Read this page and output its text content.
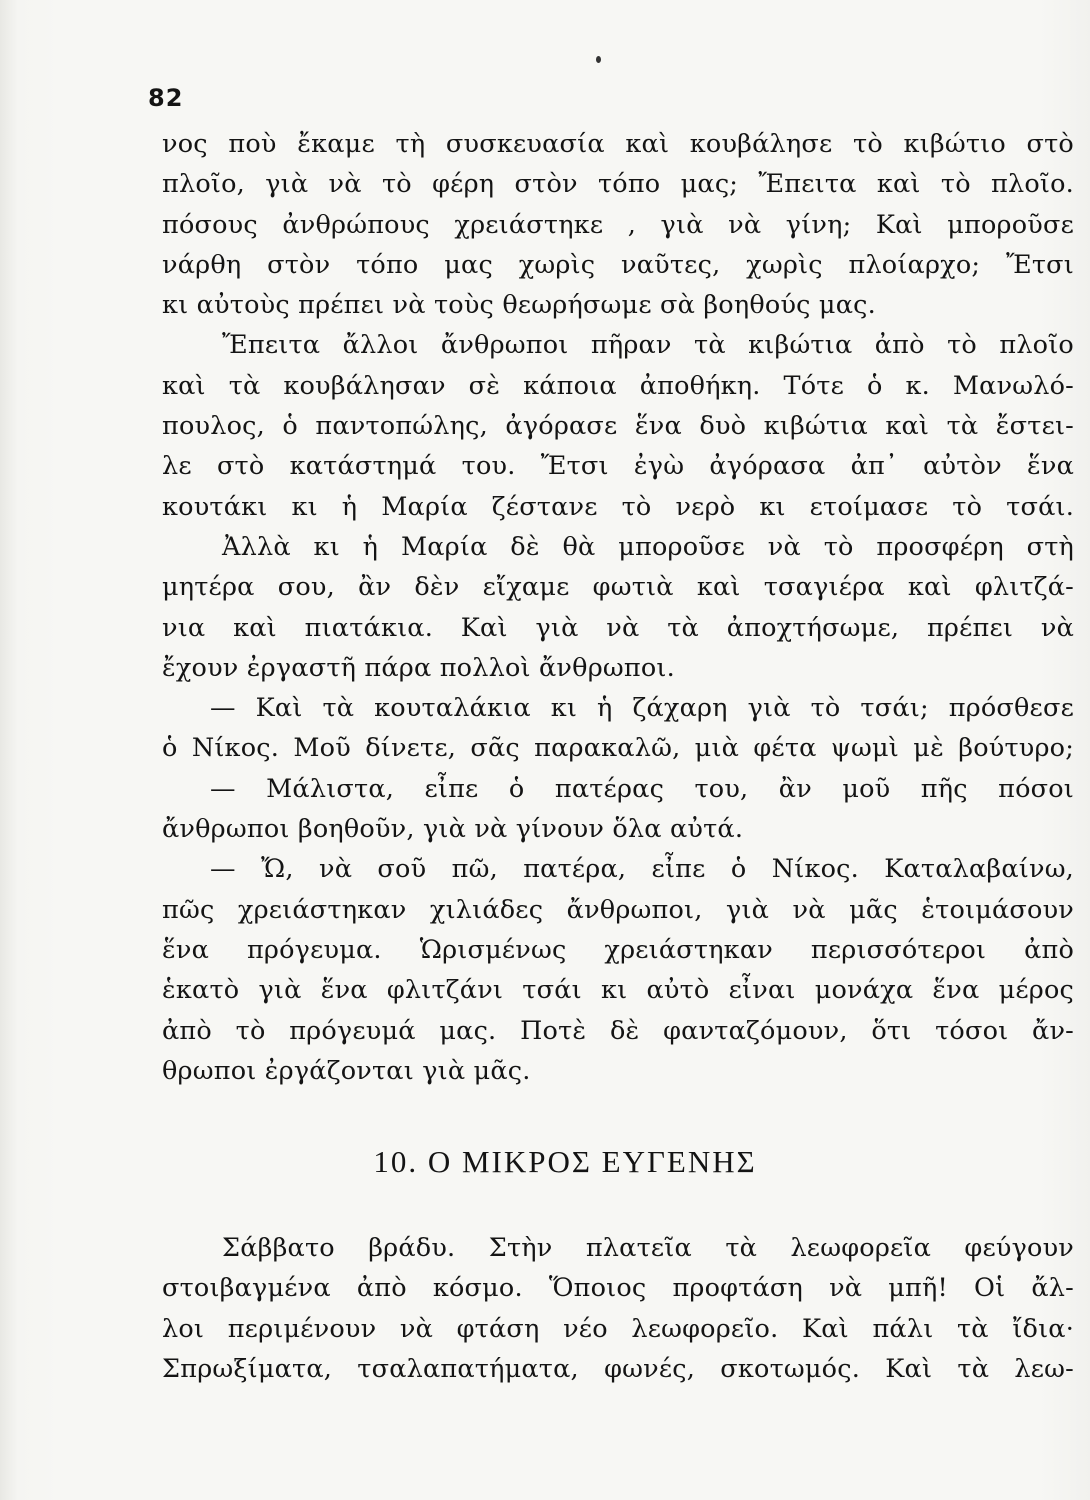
82
νος ποὺ ἔκαμε τὴ συσκευασία καὶ κουβάλησε τὸ κιβώτιο στὸ
πλοῖο, γιὰ νὰ τὸ φέρη στὸν τόπο μας; Ἔπειτα καὶ τὸ πλοῖο.
πόσους ἀνθρώπους χρειάστηκε , γιὰ νὰ γίνη; Καὶ μποροῦσε
νάρθη στὸν τόπο μας χωρὶς ναῦτες, χωρὶς πλοίαρχο; Ἔτσι
κι αὐτοὺς πρέπει νὰ τοὺς θεωρήσωμε σὰ βοηθούς μας.
Ἔπειτα ἄλλοι ἄνθρωποι πῆραν τὰ κιβώτια ἀπὸ τὸ πλοῖο
καὶ τὰ κουβάλησαν σὲ κάποια ἀποθήκη. Τότε ὁ κ. Μανωλό-
πουλος, ὁ παντοπώλης, ἀγόρασε ἕνα δυὸ κιβώτια καὶ τὰ ἔστει-
λε στὸ κατάστημά του. Ἔτσι ἐγὼ ἀγόρασα ἀπ᾽ αὐτὸν ἕνα
κουτάκι κι ἡ Μαρία ζέστανε τὸ νερὸ κι ετοίμασε τὸ τσάι.
Ἀλλὰ κι ἡ Μαρία δὲ θὰ μποροῦσε νὰ τὸ προσφέρη στὴ
μητέρα σου, ἂν δὲν εἴχαμε φωτιὰ καὶ τσαγιέρα καὶ φλιτζά-
νια καὶ πιατάκια. Καὶ γιὰ νὰ τὰ ἀποχτήσωμε, πρέπει νὰ
ἔχουν ἐργαστῆ πάρα πολλοὶ ἄνθρωποι.
— Καὶ τὰ κουταλάκια κι ἡ ζάχαρη γιὰ τὸ τσάι; πρόσθεσε
ὁ Νίκος. Μοῦ δίνετε, σᾶς παρακαλῶ, μιὰ φέτα ψωμὶ μὲ βούτυρο;
— Μάλιστα, εἶπε ὁ πατέρας του, ἂν μοῦ πῆς πόσοι
ἄνθρωποι βοηθοῦν, γιὰ νὰ γίνουν ὅλα αὐτά.
— Ὤ, νὰ σοῦ πῶ, πατέρα, εἶπε ὁ Νίκος. Καταλαβαίνω,
πῶς χρειάστηκαν χιλιάδες ἄνθρωποι, γιὰ νὰ μᾶς ἑτοιμάσουν
ἕνα πρόγευμα. Ὡρισμένως χρειάστηκαν περισσότεροι ἀπὸ
ἑκατὸ γιὰ ἕνα φλιτζάνι τσάι κι αὐτὸ εἶναι μονάχα ἕνα μέρος
ἀπὸ τὸ πρόγευμά μας. Ποτὲ δὲ φανταζόμουν, ὅτι τόσοι ἄν-
θρωποι ἐργάζονται γιὰ μᾶς.
10. Ο ΜΙΚΡΟΣ ΕΥΓΕΝΗΣ
Σάββατο βράδυ. Στὴν πλατεῖα τὰ λεωφορεῖα φεύγουν
στοιβαγμένα ἀπὸ κόσμο. Ὅποιος προφτάση νὰ μπῆ! Οἱ ἄλ-
λοι περιμένουν νὰ φτάση νέο λεωφορεῖο. Καὶ πάλι τὰ ἴδια·
Σπρωξίματα, τσαλαπατήματα, φωνές, σκοτωμός. Καὶ τὰ λεω-
